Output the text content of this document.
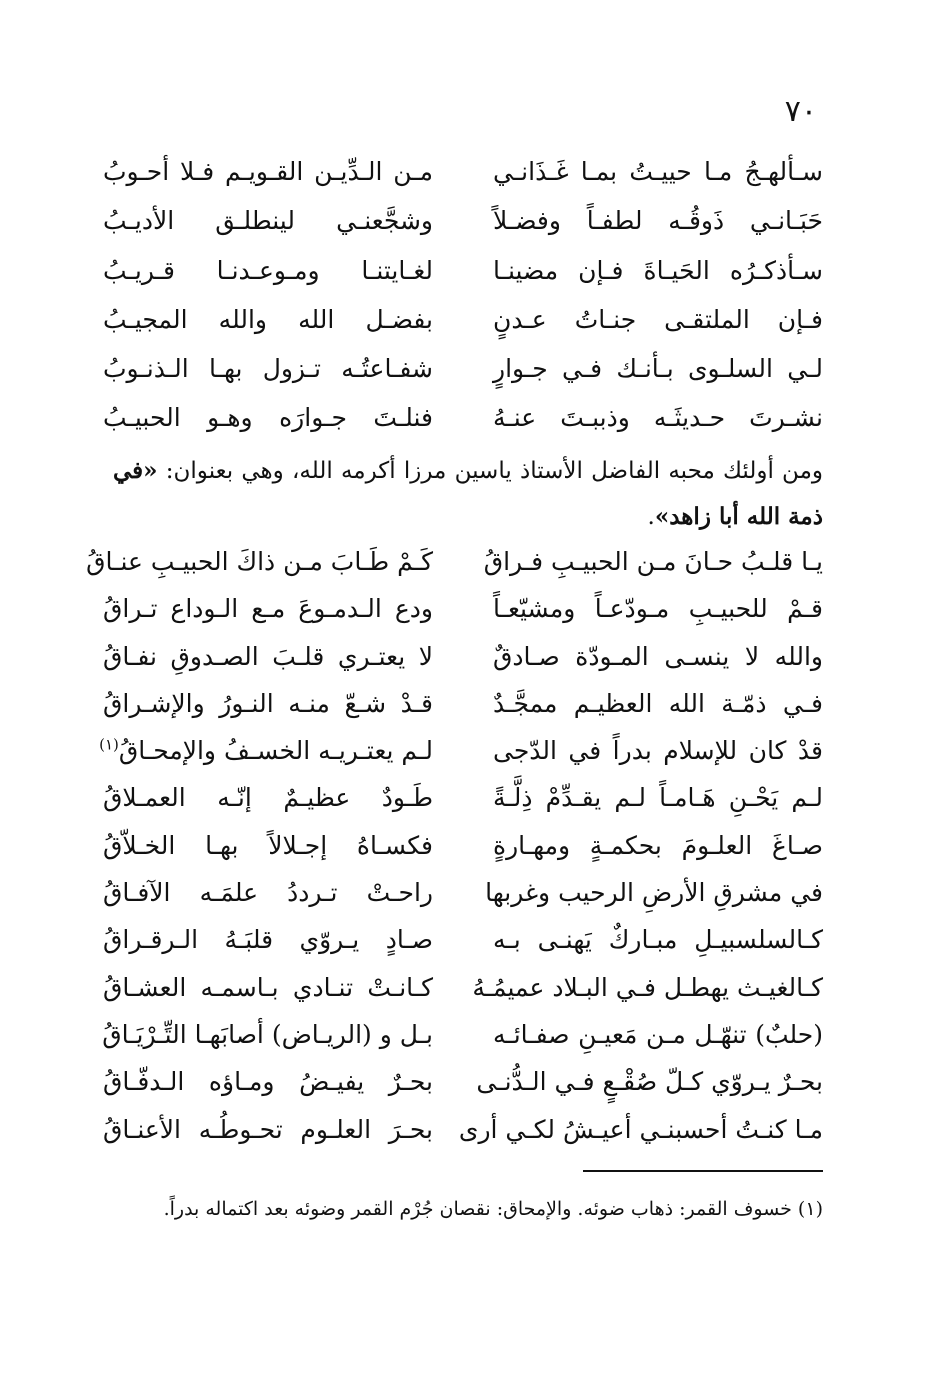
٧٠
سـألهـجُ مـا حييـتُ بمـا غَـذَانـي
مـن الـدِّيـن القـويـم فـلا أحـوبُ
حَبَـانـي ذَوقُـه لطفـاً وفضـلاً
وشجَّعنـي لينطلـق الأديـبُ
سـأذكـرُه الحَيـاةَ فـإن مضينـا
لغـايتنـا ومـوعـدنـا قـريـبُ
فـإن الملتقـى جنـاتُ عـدنٍ
بفضـل الله والله المجيـبُ
لـي السلـوى بـأنـك فـي جـوارٍ
شفـاعتُـه تـزول بهـا الـذنـوبُ
نشـرتَ حـديثَـه وذببـتَ عنـهُ
فنلـتَ جـوارَه وهـو الحبيـبُ
ومن أولئك محبه الفاضل الأستاذ ياسين مرزا أكرمه الله، وهي بعنوان: «في ذمة الله أبا زاهد».
يـا قلـبُ حـانَ مـن الحبيـبِ فـراقُ
كَـمْ طَـابَ مـن ذاكَ الحبيـبِ عنـاقُ
قـمْ للحبيـبِ مـودّعـاً ومشيّعـاً
ودع الـدمـوعَ مـع الـوداع تـراقُ
والله لا ينسـى المـودّة صـادقٌ
لا يعتـري قلـبَ الصـدوقِ نفـاقُ
فـي ذمّـة الله العظيـم ممجَّـدٌ
قـدْ شـعّ منـه النـورُ والإشـراقُ
قدْ كان للإسلام بدراً في الدّجى
لـم يعتـريـه الخسـفُ والإمحـاقُ$^{(١)}$
لـم يَحْـنِ هَـامـاً لـم يقـدِّمْ ذِلَّـةً
طَـودٌ عظيـمٌ إنّـه العمـلاقُ
صـاغَ العلـومَ بحكمـةٍ ومهـارةٍ
فكسـاهُ إجـلالاً بهـا الخـلاّقُ
في مشرقِ الأرضِ الرحيب وغربها
راحـتْ تـرددُ علمَـه الآفـاقُ
كـالسلسبيـلِ مبـاركٌ يَهنـى بـه
صـادٍ يـروّي قلبَـهُ الـرقـراقُ
كـالغيـث يهطـل فـي البـلاد عميمُـهُ
كـانـتْ تنـادي بـاسمـه العشـاقُ
(حلبٌ) تنهّـل مـن مَعيـنِ صفـائـه
بـل و (الريـاض) أصابَهـا التِّـرْيَـاقُ
بحـرٌ يـروّي كـلّ صُقْـعٍ فـي الـدُّنـى
بحـرٌ يفيـضُ ومـاؤه الـدفّـاقُ
مـا كنـتُ أحسبنـي أعيـشُ لكـي أرى
بحـرَ العلـوم تحـوطُـه الأعنـاقُ
(١) خسوف القمر: ذهاب ضوئه. والإمحاق: نقصان جُرْم القمر وضوئه بعد اكتماله بدراً.
